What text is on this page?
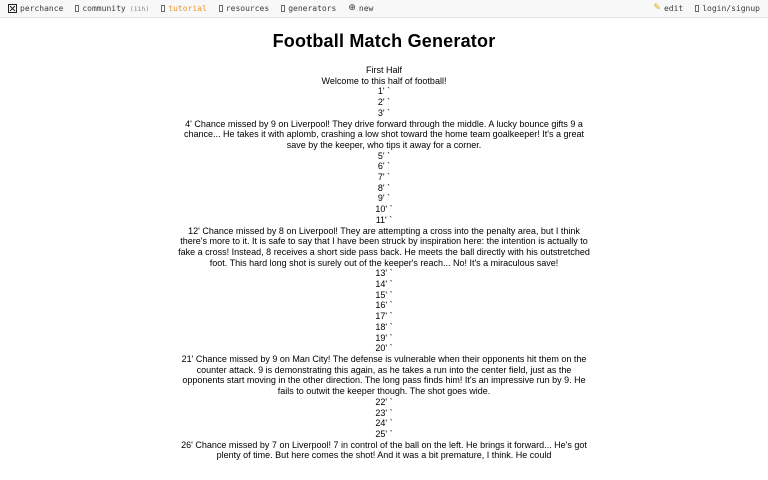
perchance community (11h) tutorial resources generators ⊕ new	✎ edit login/signup
Football Match Generator
First Half
Welcome to this half of football!
1' `
2' `
3' `
4' Chance missed by 9 on Liverpool! They drive forward through the middle. A lucky bounce gifts 9 a chance... He takes it with aplomb, crashing a low shot toward the home team goalkeeper! It's a great save by the keeper, who tips it away for a corner.
5' `
6' `
7' `
8' `
9' `
10' `
11' `
12' Chance missed by 8 on Liverpool! They are attempting a cross into the penalty area, but I think there's more to it. It is safe to say that I have been struck by inspiration here: the intention is actually to fake a cross! Instead, 8 receives a short side pass back. He meets the ball directly with his outstretched foot. This hard long shot is surely out of the keeper's reach... No! It's a miraculous save!
13' `
14' `
15' `
16' `
17' `
18' `
19' `
20' `
21' Chance missed by 9 on Man City! The defense is vulnerable when their opponents hit them on the counter attack. 9 is demonstrating this again, as he takes a run into the center field, just as the opponents start moving in the other direction. The long pass finds him! It's an impressive run by 9. He fails to outwit the keeper though. The shot goes wide.
22' `
23' `
24' `
25' `
26' Chance missed by 7 on Liverpool! 7 in control of the ball on the left. He brings it forward... He's got plenty of time. But here comes the shot! And it was a bit premature, I think. He could
